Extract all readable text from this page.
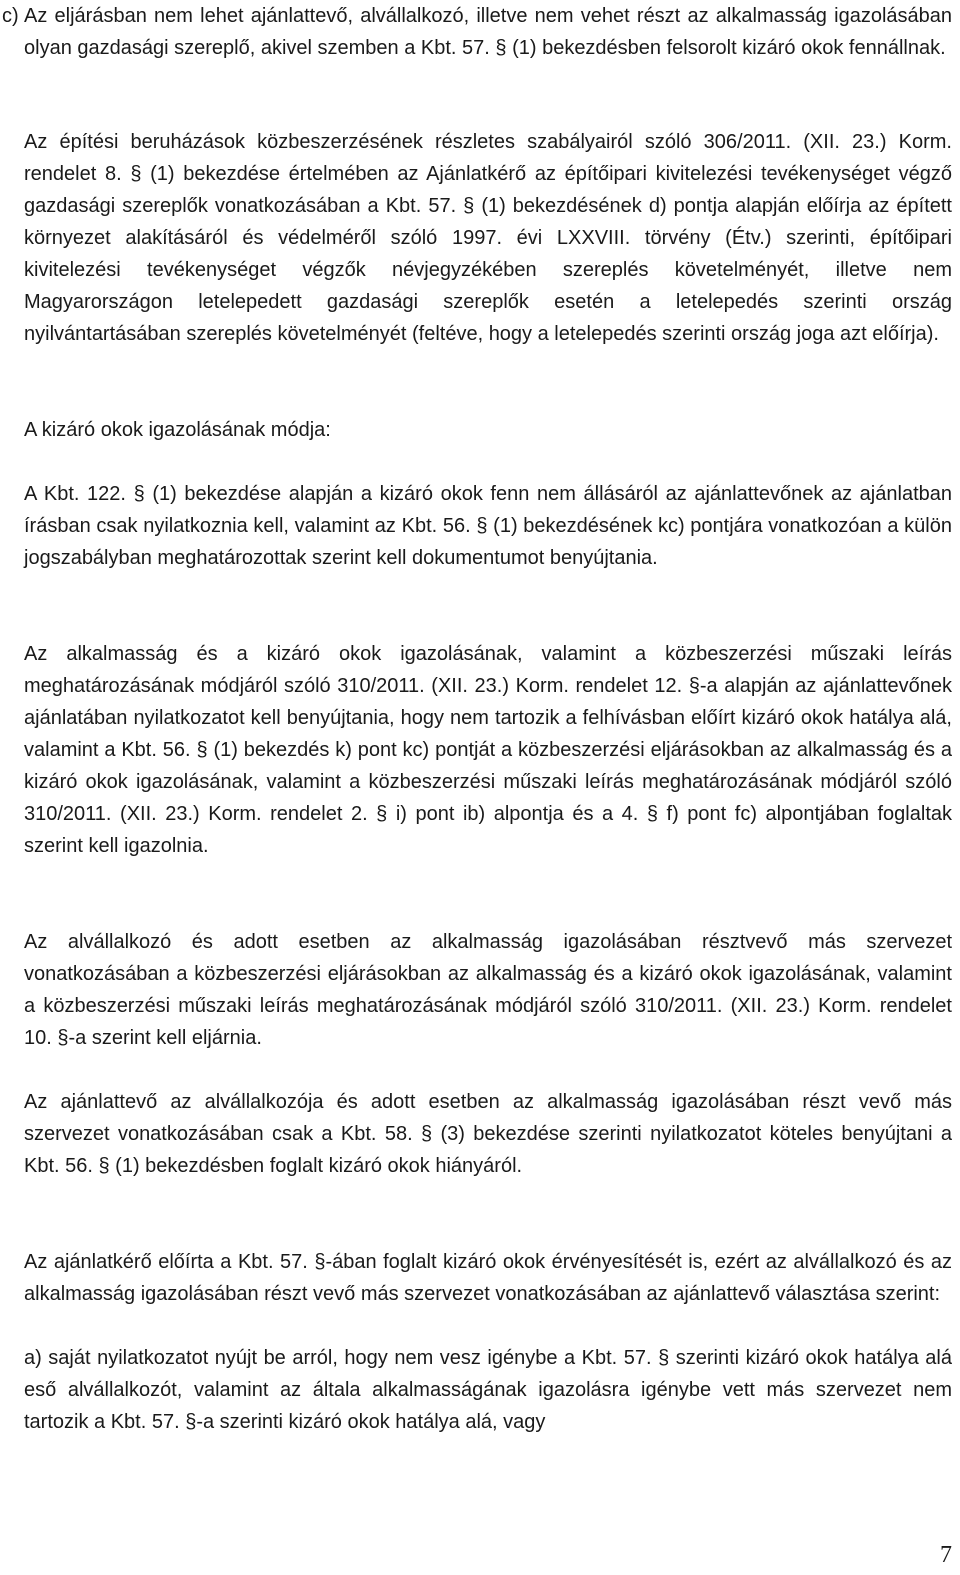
c) Az eljárásban nem lehet ajánlattevő, alvállalkozó, illetve nem vehet részt az alkalmasság igazolásában olyan gazdasági szereplő, akivel szemben a Kbt. 57. § (1) bekezdésben felsorolt kizáró okok fennállnak.

Az építési beruházások közbeszerzésének részletes szabályairól szóló 306/2011. (XII. 23.) Korm. rendelet 8. § (1) bekezdése értelmében az Ajánlatkérő az építőipari kivitelezési tevékenységet végző gazdasági szereplők vonatkozásában a Kbt. 57. § (1) bekezdésének d) pontja alapján előírja az épített környezet alakításáról és védelméről szóló 1997. évi LXXVIII. törvény (Étv.) szerinti, építőipari kivitelezési tevékenységet végzők névjegyzékében szereplés követelményét, illetve nem Magyarországon letelepedett gazdasági szereplők esetén a letelepedés szerinti ország nyilvántartásában szereplés követelményét (feltéve, hogy a letelepedés szerinti ország joga azt előírja).

A kizáró okok igazolásának módja:

A Kbt. 122. § (1) bekezdése alapján a kizáró okok fenn nem állásáról az ajánlattevőnek az ajánlatban írásban csak nyilatkoznia kell, valamint az Kbt. 56. § (1) bekezdésének kc) pontjára vonatkozóan a külön jogszabályban meghatározottak szerint kell dokumentumot benyújtania.

Az alkalmasság és a kizáró okok igazolásának, valamint a közbeszerzési műszaki leírás meghatározásának módjáról szóló 310/2011. (XII. 23.) Korm. rendelet 12. §-a alapján az ajánlattevőnek ajánlatában nyilatkozatot kell benyújtania, hogy nem tartozik a felhívásban előírt kizáró okok hatálya alá, valamint a Kbt. 56. § (1) bekezdés k) pont kc) pontját a közbeszerzési eljárásokban az alkalmasság és a kizáró okok igazolásának, valamint a közbeszerzési műszaki leírás meghatározásának módjáról szóló 310/2011. (XII. 23.) Korm. rendelet 2. § i) pont ib) alpontja és a 4. § f) pont fc) alpontjában foglaltak szerint kell igazolnia.

Az alvállalkozó és adott esetben az alkalmasság igazolásában résztvevő más szervezet vonatkozásában a közbeszerzési eljárásokban az alkalmasság és a kizáró okok igazolásának, valamint a közbeszerzési műszaki leírás meghatározásának módjáról szóló 310/2011. (XII. 23.) Korm. rendelet 10. §-a szerint kell eljárnia.

Az ajánlattevő az alvállalkozója és adott esetben az alkalmasság igazolásában részt vevő más szervezet vonatkozásában csak a Kbt. 58. § (3) bekezdése szerinti nyilatkozatot köteles benyújtani a Kbt. 56. § (1) bekezdésben foglalt kizáró okok hiányáról.

Az ajánlatkérő előírta a Kbt. 57. §-ában foglalt kizáró okok érvényesítését is, ezért az alvállalkozó és az alkalmasság igazolásában részt vevő más szervezet vonatkozásában az ajánlattevő választása szerint:

a) saját nyilatkozatot nyújt be arról, hogy nem vesz igénybe a Kbt. 57. § szerinti kizáró okok hatálya alá eső alvállalkozót, valamint az általa alkalmasságának igazolásra igénybe vett más szervezet nem tartozik a Kbt. 57. §-a szerinti kizáró okok hatálya alá, vagy

7
